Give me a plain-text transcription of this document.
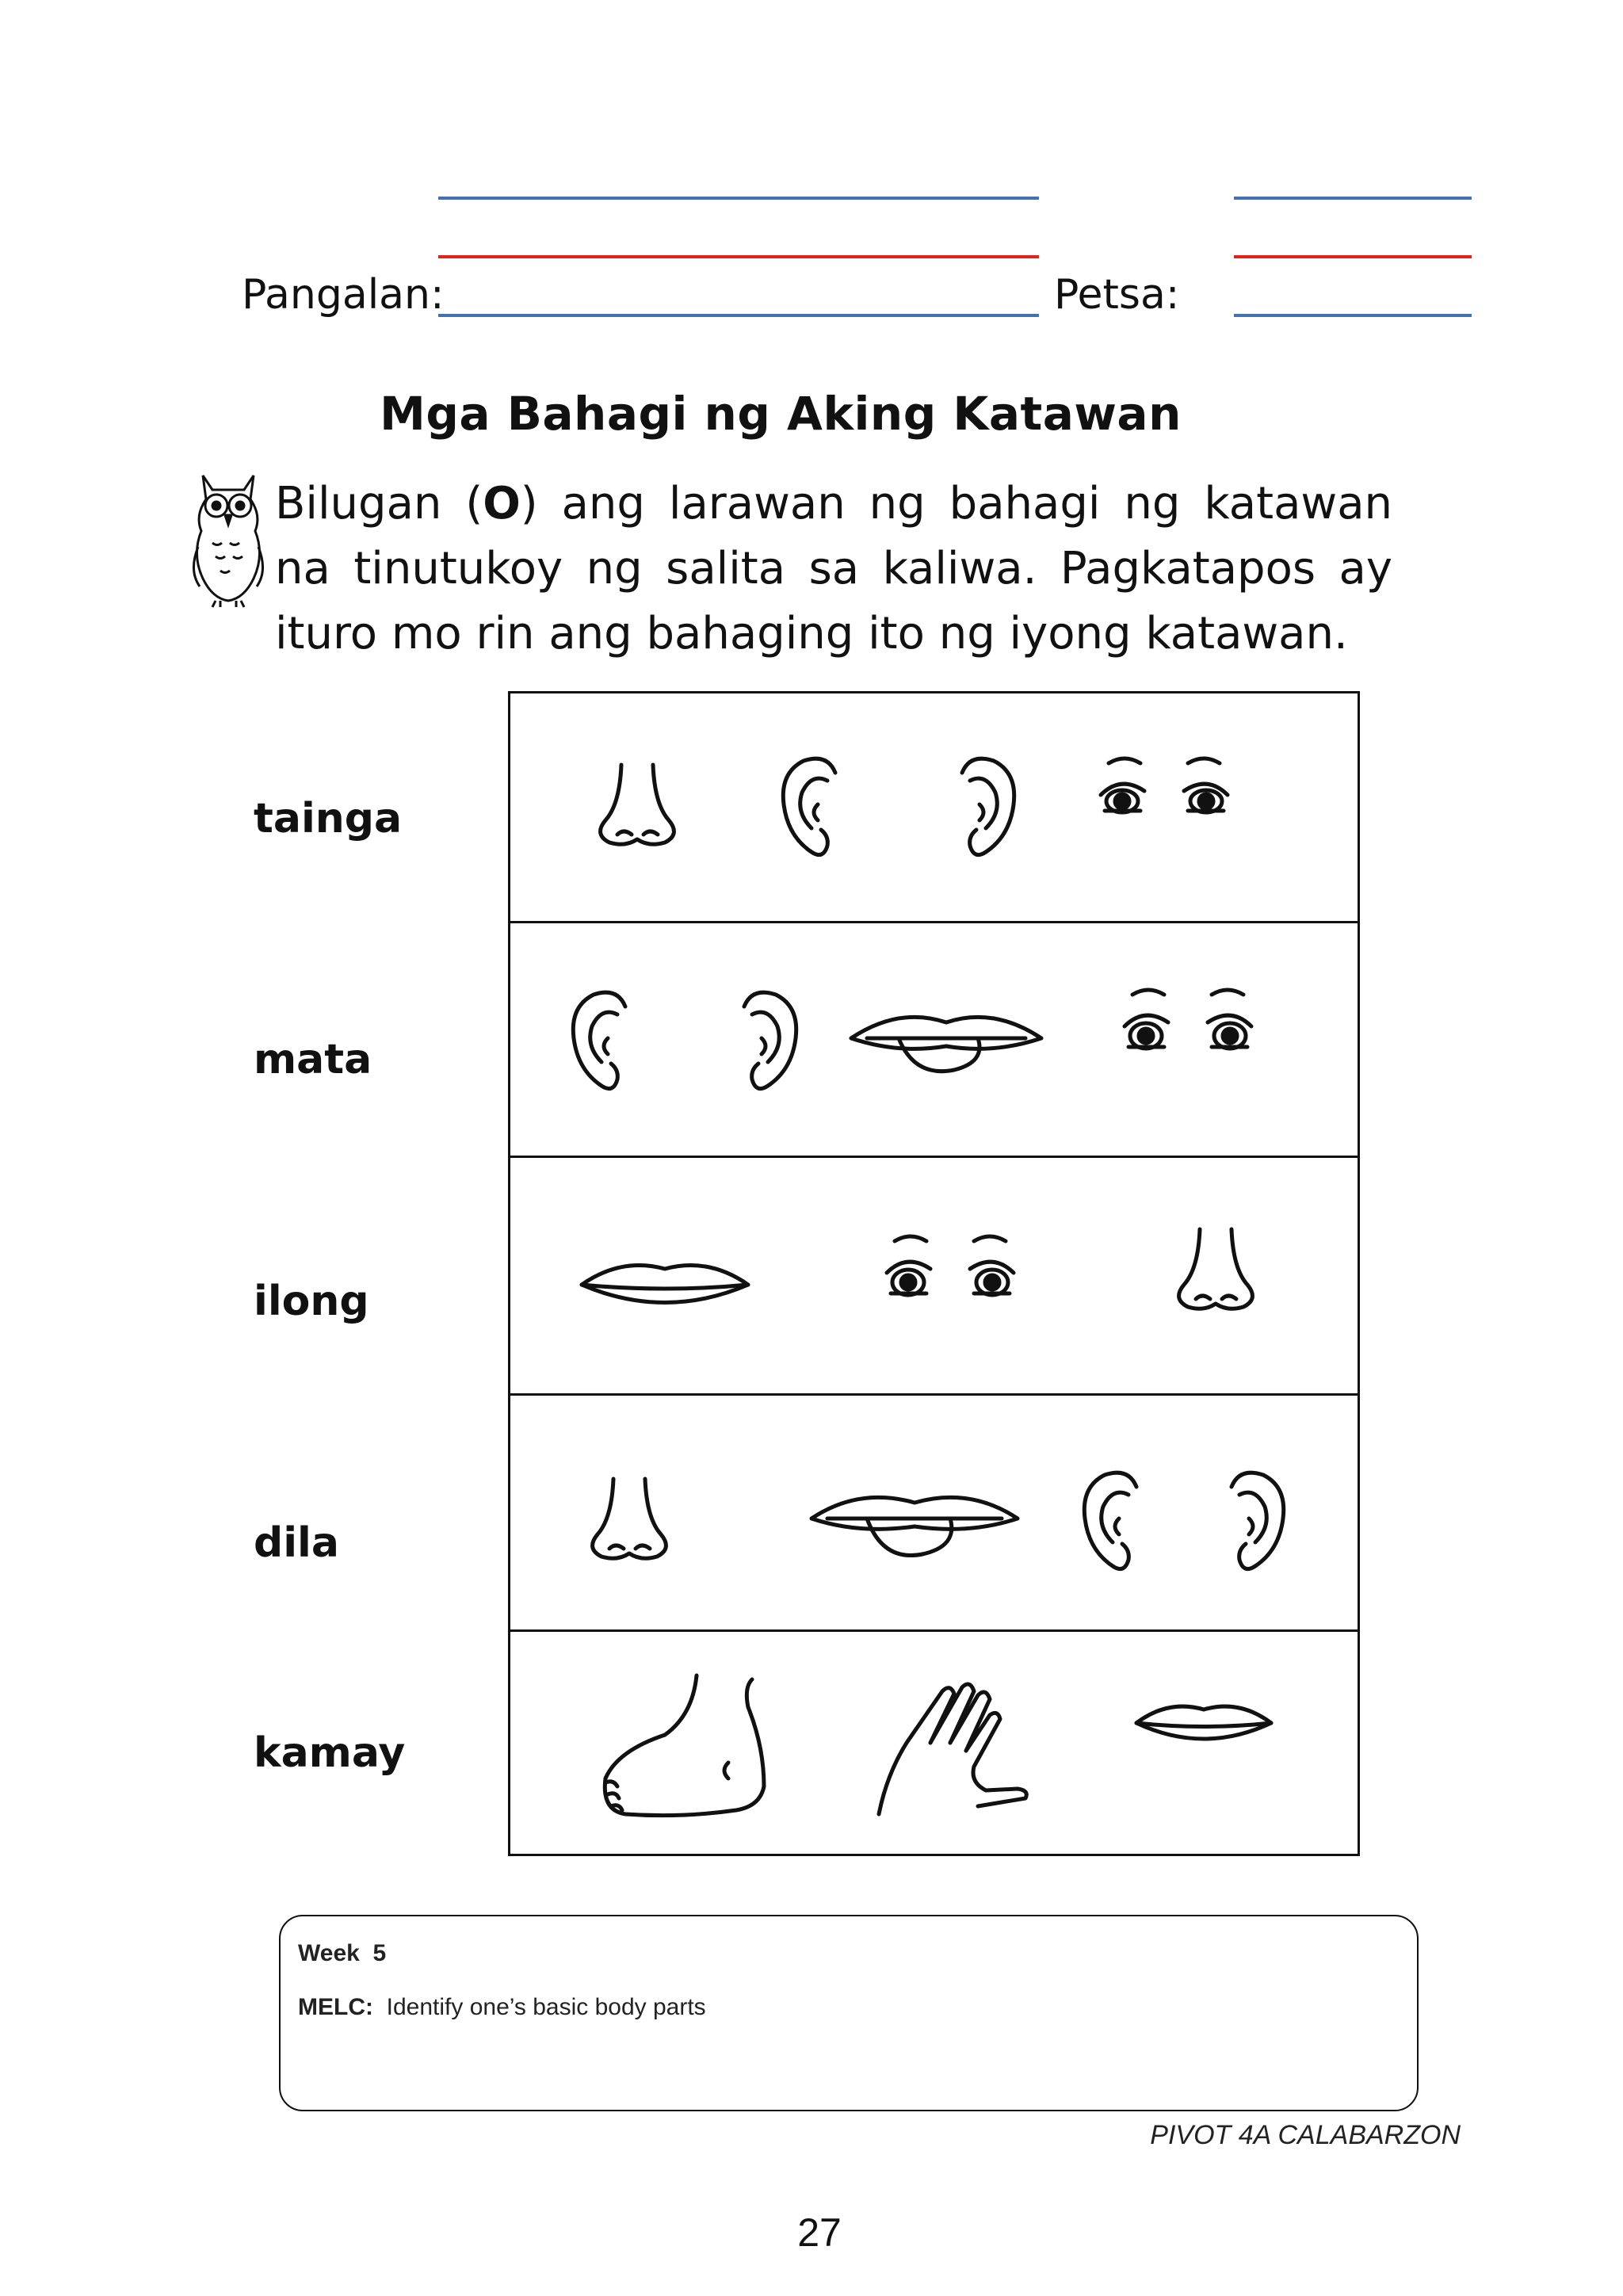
Pangalan:	Petsa:
Mga Bahagi ng Aking Katawan
Bilugan (O) ang larawan ng bahagi ng katawan na tinutukoy ng salita sa kaliwa. Pagkatapos ay ituro mo rin ang bahaging ito ng iyong katawan.
tainga
mata
ilong
dila
kamay
Week 5
MELC: Identify one’s basic body parts
PIVOT 4A CALABARZON
27
